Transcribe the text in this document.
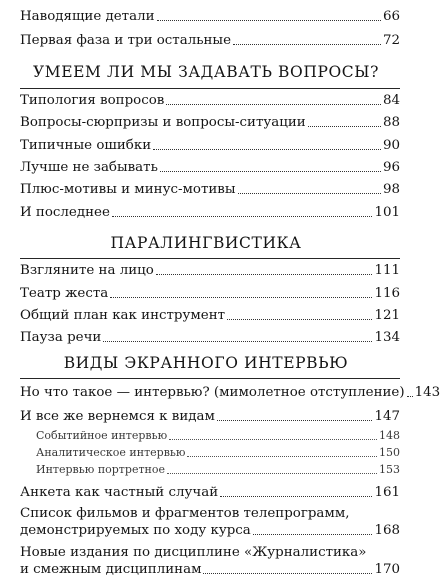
Наводящие детали	66
Первая фаза и три остальные	72
УМЕЕМ ЛИ МЫ ЗАДАВАТЬ ВОПРОСЫ?
Типология вопросов	84
Вопросы-сюрпризы и вопросы-ситуации	88
Типичные ошибки	90
Лучше не забывать	96
Плюс-мотивы и минус-мотивы	98
И последнее	101
ПАРАЛИНГВИСТИКА
Взгляните на лицо	111
Театр жеста	116
Общий план как инструмент	121
Пауза речи	134
ВИДЫ ЭКРАННОГО ИНТЕРВЬЮ
Но что такое — интервью? (мимолетное отступление) 143
И все же вернемся к видам	147
Событийное интервью	148
Аналитическое интервью	150
Интервью портретное	153
Анкета как частный случай	161
Список фильмов и фрагментов телепрограмм,
демонстрируемых по ходу курса	168
Новые издания по дисциплине «Журналистика»
и смежным дисциплинам	170
